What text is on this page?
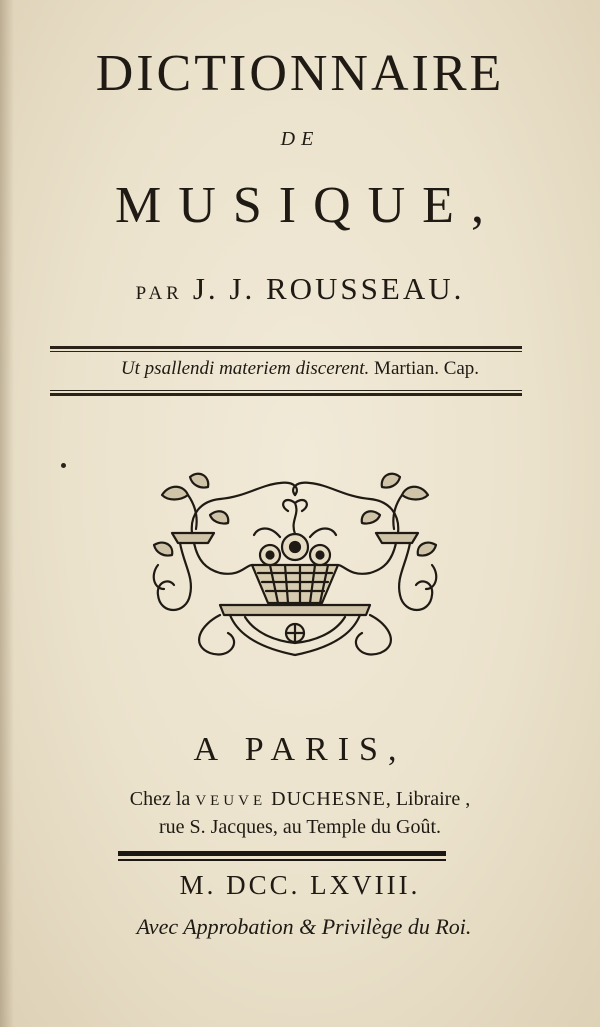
DICTIONNAIRE
DE
MUSIQUE,
PAR J. J. ROUSSEAU.
Ut psallendi materiem discerent. Martian. Cap.
A PARIS,
Chez la VEUVE DUCHESNE, Libraire ,
rue S. Jacques, au Temple du Goût.
M. DCC. LXVIII.
Avec Approbation & Privilège du Roi.
